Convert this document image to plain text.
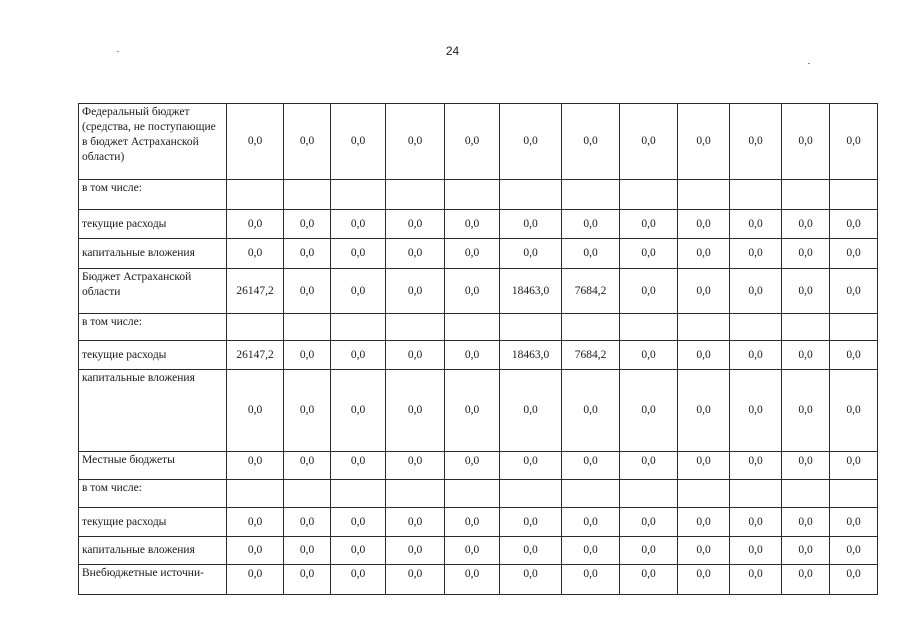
24
Федеральный бюджет (средства, не поступающие в бюджет Астраханской области)	0,0	0,0	0,0	0,0	0,0	0,0	0,0	0,0	0,0	0,0	0,0	0,0
в том числе:												
текущие расходы	0,0	0,0	0,0	0,0	0,0	0,0	0,0	0,0	0,0	0,0	0,0	0,0
капитальные вложения	0,0	0,0	0,0	0,0	0,0	0,0	0,0	0,0	0,0	0,0	0,0	0,0
Бюджет Астраханской области	26147,2	0,0	0,0	0,0	0,0	18463,0	7684,2	0,0	0,0	0,0	0,0	0,0
в том числе:												
текущие расходы	26147,2	0,0	0,0	0,0	0,0	18463,0	7684,2	0,0	0,0	0,0	0,0	0,0
капитальные вложения	0,0	0,0	0,0	0,0	0,0	0,0	0,0	0,0	0,0	0,0	0,0	0,0
Местные бюджеты	0,0	0,0	0,0	0,0	0,0	0,0	0,0	0,0	0,0	0,0	0,0	0,0
в том числе:												
текущие расходы	0,0	0,0	0,0	0,0	0,0	0,0	0,0	0,0	0,0	0,0	0,0	0,0
капитальные вложения	0,0	0,0	0,0	0,0	0,0	0,0	0,0	0,0	0,0	0,0	0,0	0,0
Внебюджетные источни-	0,0	0,0	0,0	0,0	0,0	0,0	0,0	0,0	0,0	0,0	0,0	0,0
